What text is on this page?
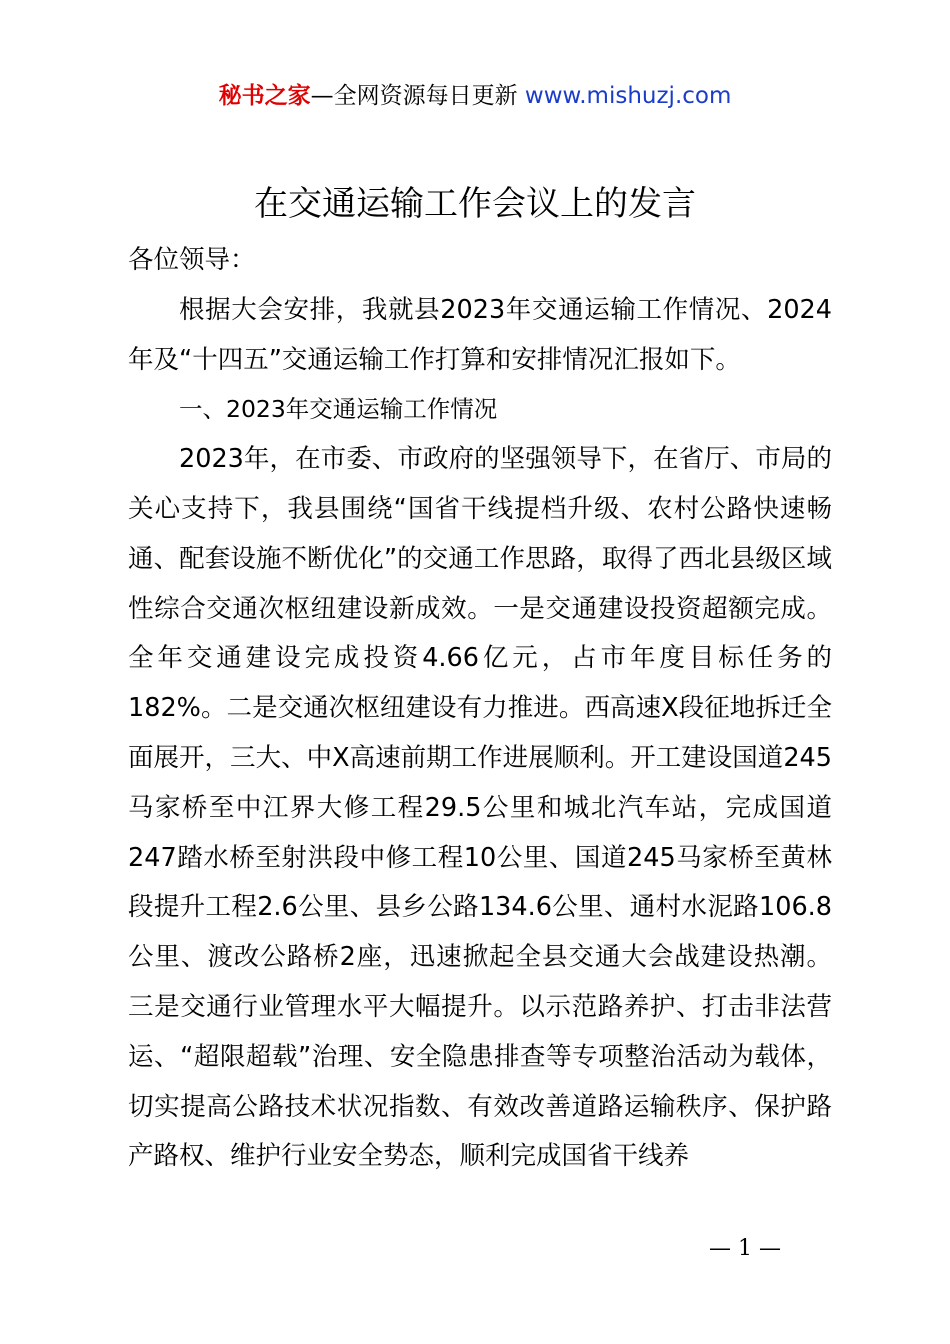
秘书之家—全网资源每日更新 www.mishuzj.com
在交通运输工作会议上的发言

各位领导：

根据大会安排，我就县2023年交通运输工作情况、2024年及“十四五”交通运输工作打算和安排情况汇报如下。

一、2023年交通运输工作情况

2023年，在市委、市政府的坚强领导下，在省厅、市局的关心支持下，我县围绕“国省干线提档升级、农村公路快速畅通、配套设施不断优化”的交通工作思路，取得了西北县级区域性综合交通次枢纽建设新成效。一是交通建设投资超额完成。全年交通建设完成投资4.66亿元，占市年度目标任务的182%。二是交通次枢纽建设有力推进。西高速X段征地拆迁全面展开，三大、中X高速前期工作进展顺利。开工建设国道245马家桥至中江界大修工程29.5公里和城北汽车站，完成国道247踏水桥至射洪段中修工程10公里、国道245马家桥至黄林段提升工程2.6公里、县乡公路134.6公里、通村水泥路106.8公里、渡改公路桥2座，迅速掀起全县交通大会战建设热潮。三是交通行业管理水平大幅提升。以示范路养护、打击非法营运、“超限超载”治理、安全隐患排查等专项整治活动为载体，切实提高公路技术状况指数、有效改善道路运输秩序、保护路产路权、维护行业安全势态，顺利完成国省干线养

— 1 —
